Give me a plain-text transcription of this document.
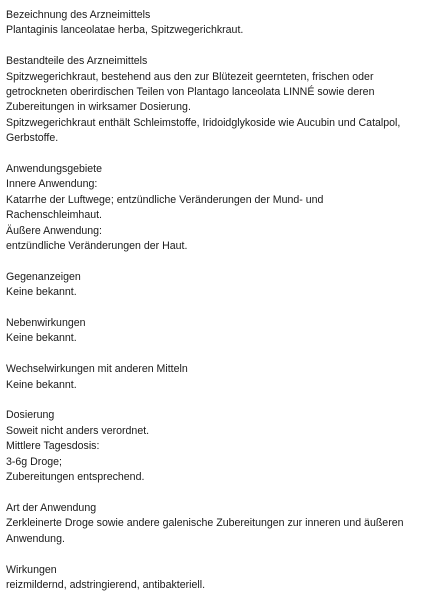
Bezeichnung des Arzneimittels
Plantaginis lanceolatae herba, Spitzwegerichkraut.
Bestandteile des Arzneimittels
Spitzwegerichkraut, bestehend aus den zur Blütezeit geernteten, frischen oder
getrockneten oberirdischen Teilen von Plantago lanceolata LINNÉ sowie deren
Zubereitungen in wirksamer Dosierung.
Spitzwegerichkraut enthält Schleimstoffe, Iridoidglykoside wie Aucubin und Catalpol,
Gerbstoffe.
Anwendungsgebiete
Innere Anwendung:
Katarrhe der Luftwege; entzündliche Veränderungen der Mund- und
Rachenschleimhaut.
Äußere Anwendung:
entzündliche Veränderungen der Haut.
Gegenanzeigen
Keine bekannt.
Nebenwirkungen
Keine bekannt.
Wechselwirkungen mit anderen Mitteln
Keine bekannt.
Dosierung
Soweit nicht anders verordnet.
Mittlere Tagesdosis:
3-6g Droge;
Zubereitungen entsprechend.
Art der Anwendung
Zerkleinerte Droge sowie andere galenische Zubereitungen zur inneren und äußeren
Anwendung.
Wirkungen
reizmildernd, adstringierend, antibakteriell.
